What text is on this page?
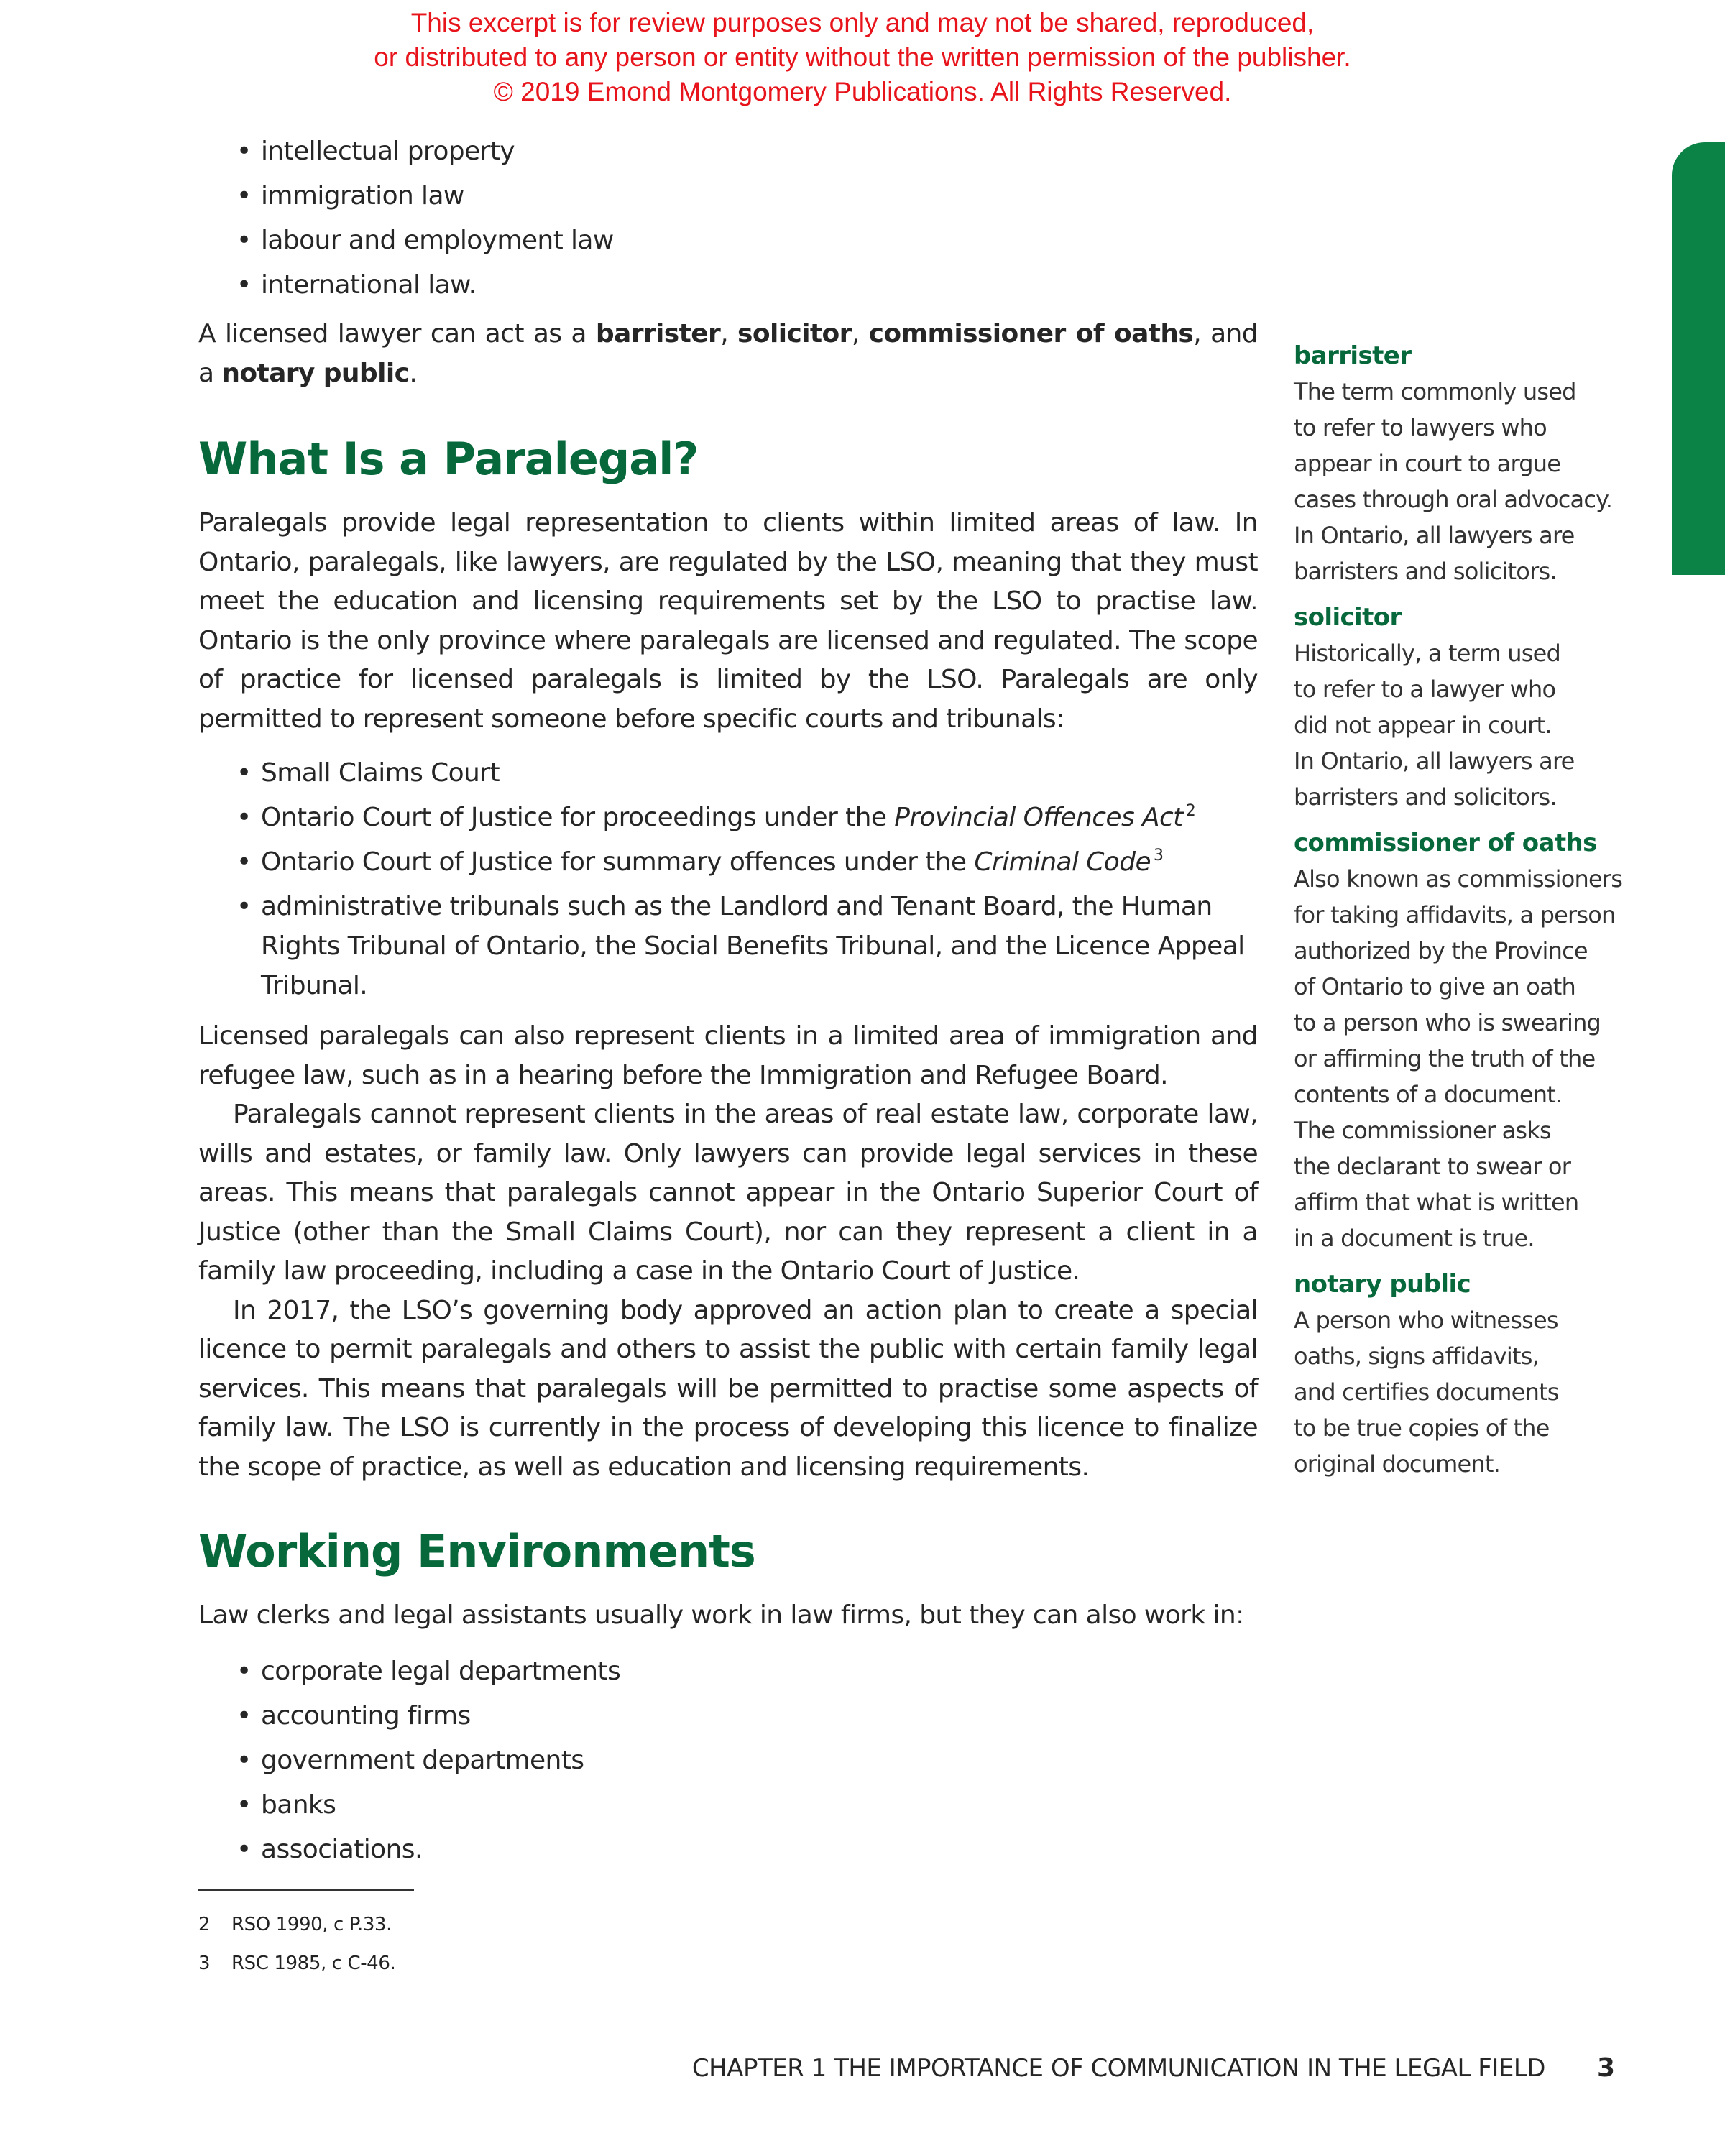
This excerpt is for review purposes only and may not be shared, reproduced,
or distributed to any person or entity without the written permission of the publisher.
© 2019 Emond Montgomery Publications. All Rights Reserved.
• intellectual property
• immigration law
• labour and employment law
• international law.

A licensed lawyer can act as a barrister, solicitor, commissioner of oaths, and a notary public.

What Is a Paralegal?

Paralegals provide legal representation to clients within limited areas of law. In Ontario, paralegals, like lawyers, are regulated by the LSO, meaning that they must meet the education and licensing requirements set by the LSO to practise law. Ontario is the only province where paralegals are licensed and regulated. The scope of practice for licensed paralegals is limited by the LSO. Paralegals are only permitted to represent someone before specific courts and tribunals:

• Small Claims Court
• Ontario Court of Justice for proceedings under the Provincial Offences Act $^2$
• Ontario Court of Justice for summary offences under the Criminal Code $^3$
• administrative tribunals such as the Landlord and Tenant Board, the Human Rights Tribunal of Ontario, the Social Benefits Tribunal, and the Licence Appeal Tribunal.

Licensed paralegals can also represent clients in a limited area of immigration and refugee law, such as in a hearing before the Immigration and Refugee Board.

Paralegals cannot represent clients in the areas of real estate law, corporate law, wills and estates, or family law. Only lawyers can provide legal services in these areas. This means that paralegals cannot appear in the Ontario Superior Court of Justice (other than the Small Claims Court), nor can they represent a client in a family law proceeding, including a case in the Ontario Court of Justice.

In 2017, the LSO’s governing body approved an action plan to create a special licence to permit paralegals and others to assist the public with certain family legal services. This means that paralegals will be permitted to practise some aspects of family law. The LSO is currently in the process of developing this licence to finalize the scope of practice, as well as education and licensing requirements.

Working Environments

Law clerks and legal assistants usually work in law firms, but they can also work in:

• corporate legal departments
• accounting firms
• government departments
• banks
• associations.
2 RSO 1990, c P.33.
3 RSC 1985, c C-46.
barrister
The term commonly used
to refer to lawyers who
appear in court to argue
cases through oral advocacy.
In Ontario, all lawyers are
barristers and solicitors.
solicitor
Historically, a term used
to refer to a lawyer who
did not appear in court.
In Ontario, all lawyers are
barristers and solicitors.
commissioner of oaths
Also known as commissioners
for taking affidavits, a person
authorized by the Province
of Ontario to give an oath
to a person who is swearing
or affirming the truth of the
contents of a document.
The commissioner asks
the declarant to swear or
affirm that what is written
in a document is true.
notary public
A person who witnesses
oaths, signs affidavits,
and certifies documents
to be true copies of the
original document.
CHAPTER 1 THE IMPORTANCE OF COMMUNICATION IN THE LEGAL FIELD 3
